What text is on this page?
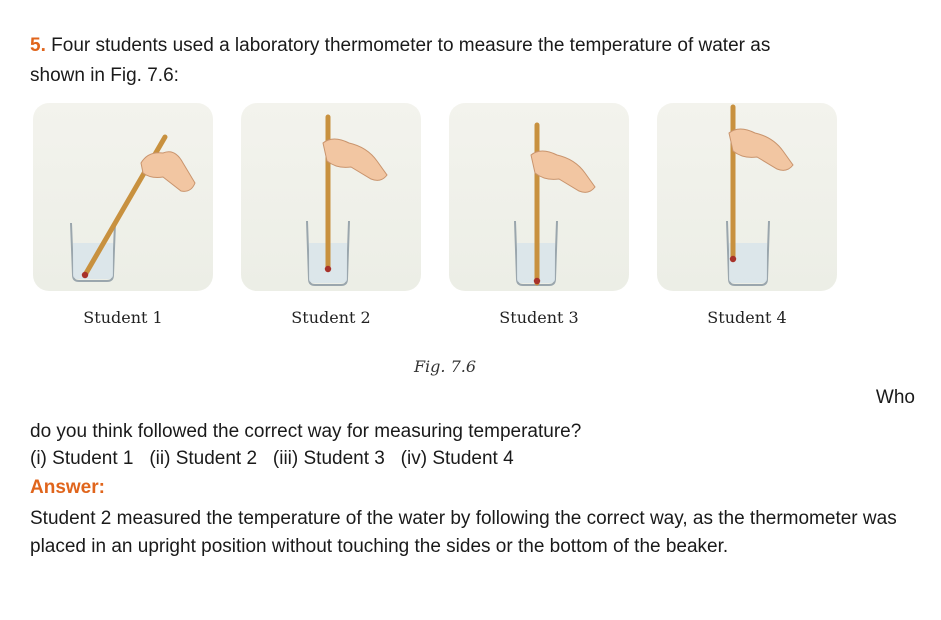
5. Four students used a laboratory thermometer to measure the temperature of water as
shown in Fig. 7.6:
Student 1	Student 2	Student 3	Student 4
Fig. 7.6
Who
do you think followed the correct way for measuring temperature?
(i) Student 1   (ii) Student 2   (iii) Student 3   (iv) Student 4
Answer:
Student 2 measured the temperature of the water by following the correct way, as the thermometer was placed in an upright position without touching the sides or the bottom of the beaker.
